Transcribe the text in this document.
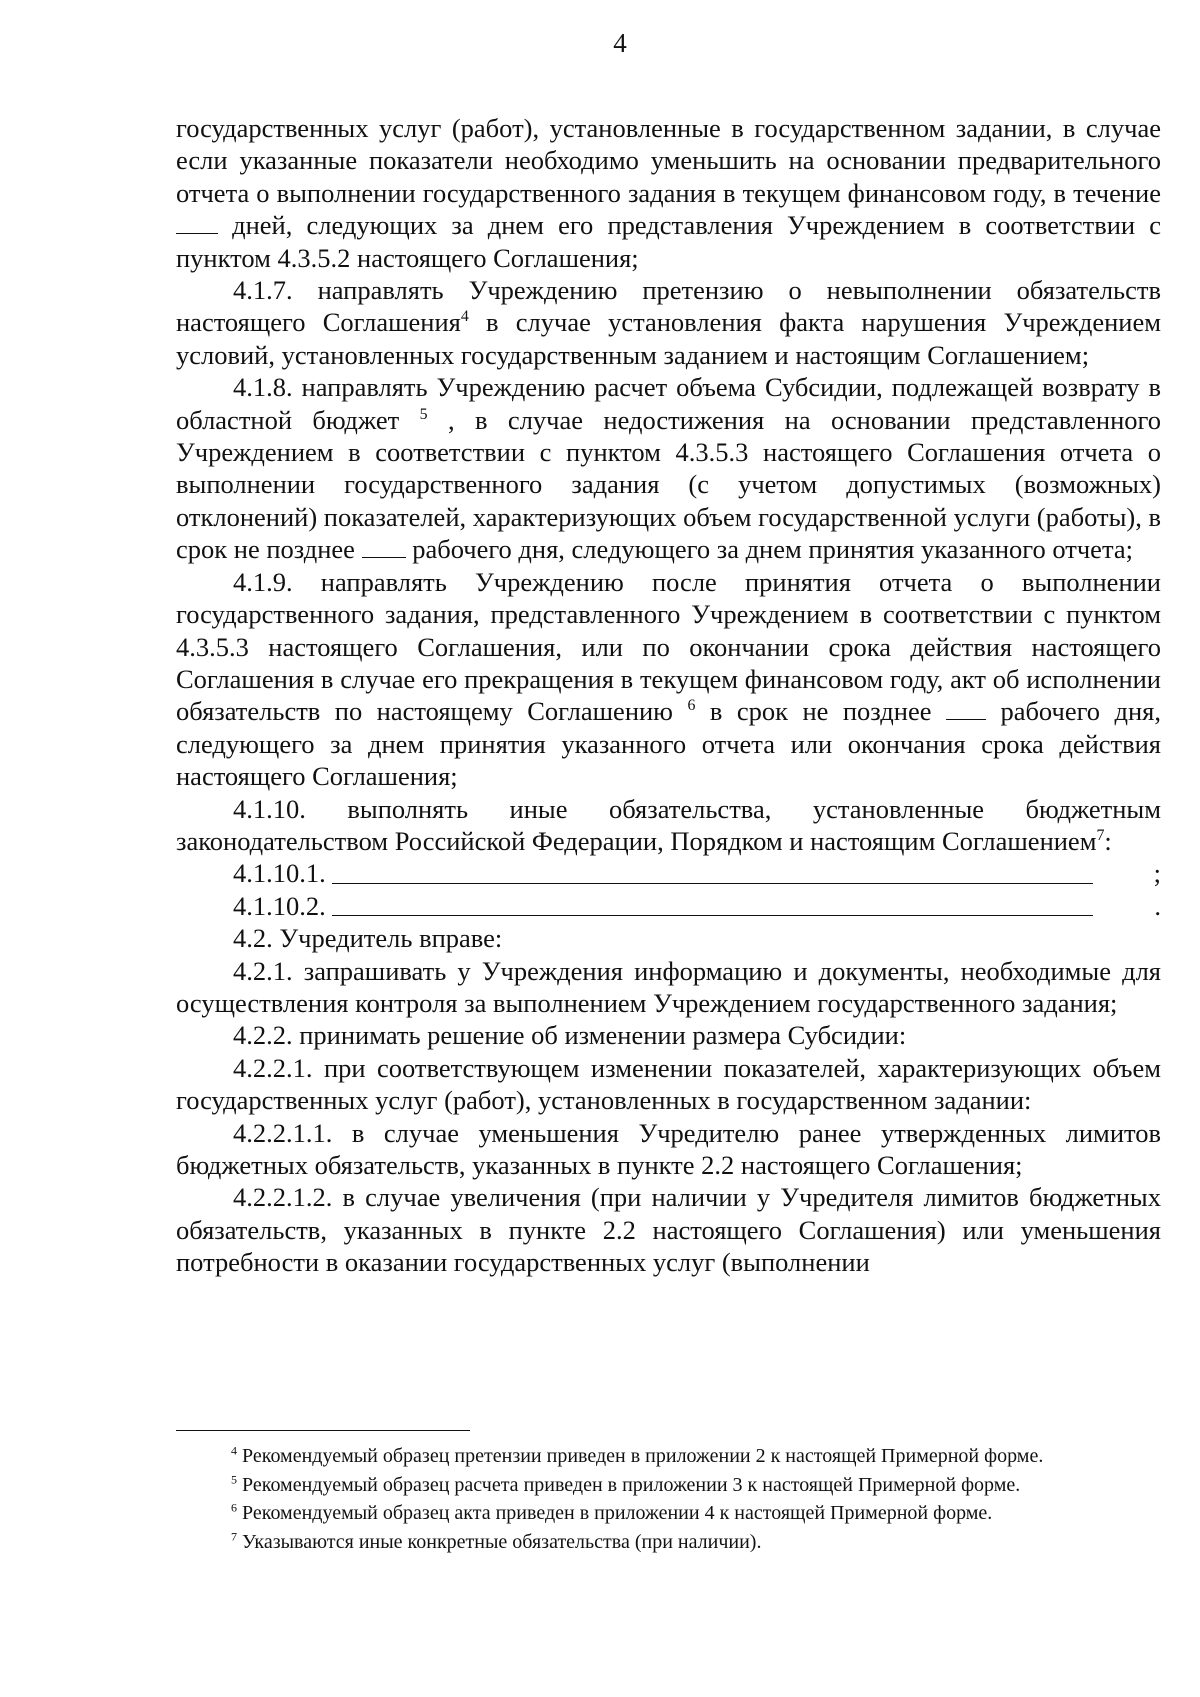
4

государственных услуг (работ), установленные в государственном задании, в случае если указанные показатели необходимо уменьшить на основании предварительного отчета о выполнении государственного задания в текущем финансовом году, в течение  дней, следующих за днем его представления Учреждением в соответствии с пунктом 4.3.5.2 настоящего Соглашения;

4.1.7. направлять Учреждению претензию о невыполнении обязательств настоящего Соглашения$^4$ в случае установления факта нарушения Учреждением условий, установленных государственным заданием и настоящим Соглашением;

4.1.8. направлять Учреждению расчет объема Субсидии, подлежащей возврату в областной бюджет $^5$ , в случае недостижения на основании представленного Учреждением в соответствии с пунктом 4.3.5.3 настоящего Соглашения отчета о выполнении государственного задания (с учетом допустимых (возможных) отклонений) показателей, характеризующих объем государственной услуги (работы), в срок не позднее  рабочего дня, следующего за днем принятия указанного отчета;

4.1.9. направлять Учреждению после принятия отчета о выполнении государственного задания, представленного Учреждением в соответствии с пунктом 4.3.5.3 настоящего Соглашения, или по окончании срока действия настоящего Соглашения в случае его прекращения в текущем финансовом году, акт об исполнении обязательств по настоящему Соглашению $^6$ в срок не позднее  рабочего дня, следующего за днем принятия указанного отчета или окончания срока действия настоящего Соглашения;

4.1.10. выполнять иные обязательства, установленные бюджетным законодательством Российской Федерации, Порядком и настоящим Соглашением$^7$:

4.1.10.1.	;

4.1.10.2.	.

4.2. Учредитель вправе:

4.2.1. запрашивать у Учреждения информацию и документы, необходимые для осуществления контроля за выполнением Учреждением государственного задания;

4.2.2. принимать решение об изменении размера Субсидии:

4.2.2.1. при соответствующем изменении показателей, характеризующих объем государственных услуг (работ), установленных в государственном задании:

4.2.2.1.1. в случае уменьшения Учредителю ранее утвержденных лимитов бюджетных обязательств, указанных в пункте 2.2 настоящего Соглашения;

4.2.2.1.2. в случае увеличения (при наличии у Учредителя лимитов бюджетных обязательств, указанных в пункте 2.2 настоящего Соглашения) или уменьшения потребности в оказании государственных услуг (выполнении

$^4$ Рекомендуемый образец претензии приведен в приложении 2 к настоящей Примерной форме.

$^5$ Рекомендуемый образец расчета приведен в приложении 3 к настоящей Примерной форме.

$^6$ Рекомендуемый образец акта приведен в приложении 4 к настоящей Примерной форме.

$^7$ Указываются иные конкретные обязательства (при наличии).
